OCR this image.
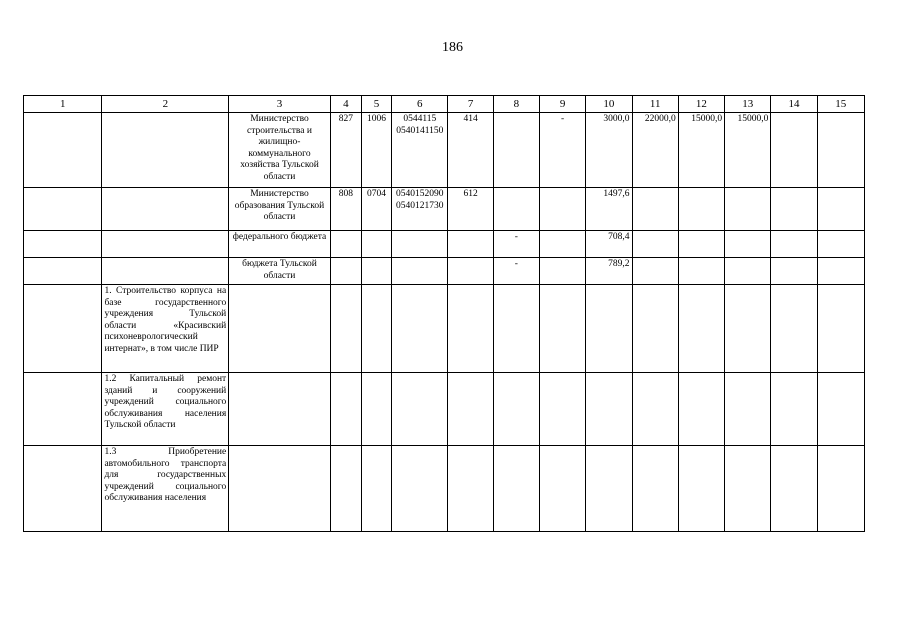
186
1	2	3	4	5	6	7	8	9	10	11	12	13	14	15
		Министерство строительства и жилищно-коммунального хозяйства Тульской области	827	1006	0544115 0540141150	414		-	3000,0	22000,0	15000,0	15000,0		
		Министерство образования Тульской области	808	0704	0540152090 0540121730	612			1497,6					
		федерального бюджета					-		708,4					
		бюджета Тульской области					-		789,2					
	1. Строительство корпуса на базе государственного учреждения Тульской области «Красивский психоневрологический интернат», в том числе ПИР													
	1.2 Капитальный ремонт зданий и сооружений учреждений социального обслуживания населения Тульской области													
	1.3 Приобретение автомобильного транспорта для государственных учреждений социального обслуживания населения													
